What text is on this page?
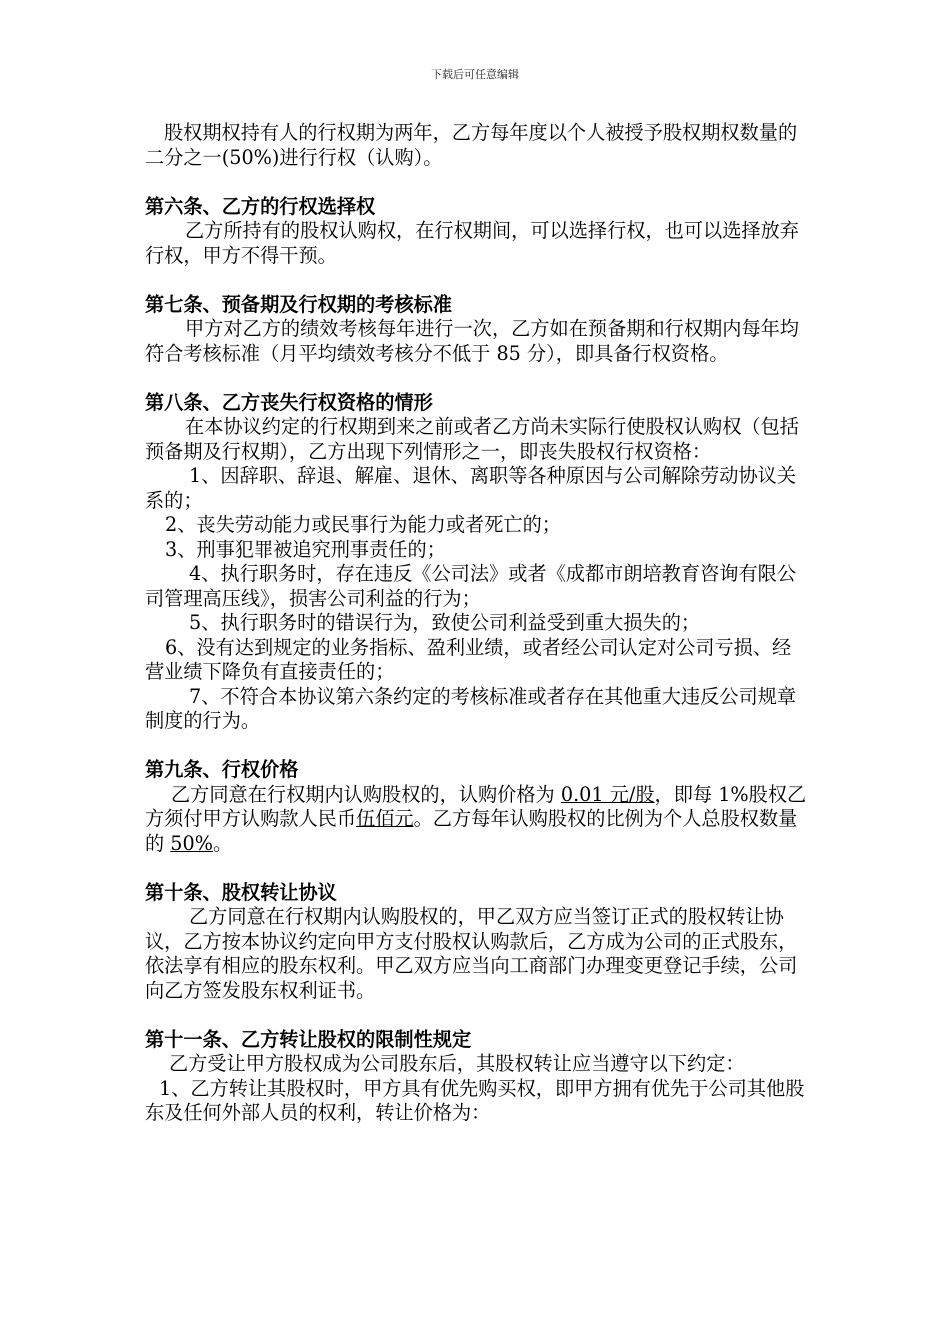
下载后可任意编辑

股权期权持有人的行权期为两年，乙方每年度以个人被授予股权期权数量的二分之一(50%)进行行权（认购）。

第六条、乙方的行权选择权

乙方所持有的股权认购权，在行权期间，可以选择行权，也可以选择放弃行权，甲方不得干预。

第七条、预备期及行权期的考核标准

甲方对乙方的绩效考核每年进行一次，乙方如在预备期和行权期内每年均符合考核标准（月平均绩效考核分不低于 85 分），即具备行权资格。

第八条、乙方丧失行权资格的情形

在本协议约定的行权期到来之前或者乙方尚未实际行使股权认购权（包括预备期及行权期），乙方出现下列情形之一，即丧失股权行权资格：

1、因辞职、辞退、解雇、退休、离职等各种原因与公司解除劳动协议关系的；

2、丧失劳动能力或民事行为能力或者死亡的；

3、刑事犯罪被追究刑事责任的；

4、执行职务时，存在违反《公司法》或者《成都市朗培教育咨询有限公司管理高压线》，损害公司利益的行为；

5、执行职务时的错误行为，致使公司利益受到重大损失的；

6、没有达到规定的业务指标、盈利业绩，或者经公司认定对公司亏损、经营业绩下降负有直接责任的；

7、不符合本协议第六条约定的考核标准或者存在其他重大违反公司规章制度的行为。

第九条、行权价格

乙方同意在行权期内认购股权的，认购价格为 0.01 元/股，即每 1%股权乙方须付甲方认购款人民币伍佰元。乙方每年认购股权的比例为个人总股权数量的 50%。

第十条、股权转让协议

乙方同意在行权期内认购股权的，甲乙双方应当签订正式的股权转让协议，乙方按本协议约定向甲方支付股权认购款后，乙方成为公司的正式股东，依法享有相应的股东权利。甲乙双方应当向工商部门办理变更登记手续，公司向乙方签发股东权利证书。

第十一条、乙方转让股权的限制性规定

乙方受让甲方股权成为公司股东后，其股权转让应当遵守以下约定：

1、乙方转让其股权时，甲方具有优先购买权，即甲方拥有优先于公司其他股东及任何外部人员的权利，转让价格为：
